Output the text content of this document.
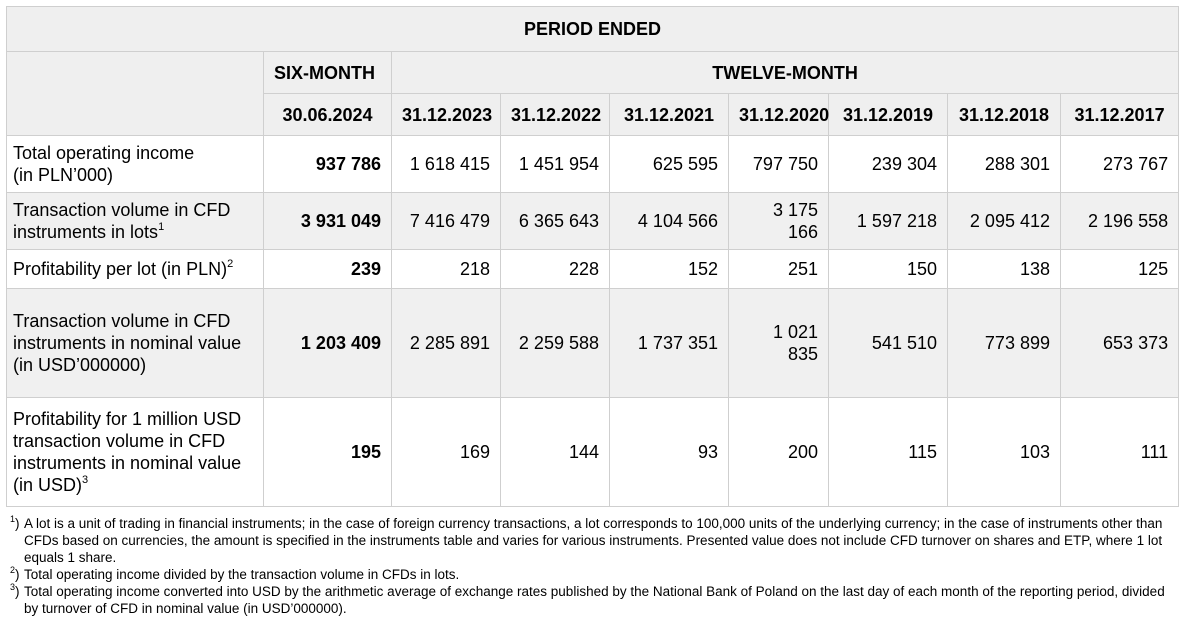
PERIOD ENDED								
	SIX-MONTH	TWELVE-MONTH						
	30.06.2024	31.12.2023	31.12.2022	31.12.2021	31.12.2020	31.12.2019	31.12.2018	31.12.2017
Total operating income
(in PLN’000)	937 786	1 618 415	1 451 954	625 595	797 750	239 304	288 301	273 767
Transaction volume in CFD
instruments in lots$^1$	3 931 049	7 416 479	6 365 643	4 104 566	3 175 166	1 597 218	2 095 412	2 196 558
Profitability per lot (in PLN)$^2$	239	218	228	152	251	150	138	125
Transaction volume in CFD
instruments in nominal value
(in USD’000000)	1 203 409	2 285 891	2 259 588	1 737 351	1 021 835	541 510	773 899	653 373
Profitability for 1 million USD
transaction volume in CFD
instruments in nominal value
(in USD)$^3$	195	169	144	93	200	115	103	111
$^1$) A lot is a unit of trading in financial instruments; in the case of foreign currency transactions, a lot corresponds to 100,000 units of the underlying currency; in the case of instruments other than CFDs based on currencies, the amount is specified in the instruments table and varies for various instruments. Presented value does not include CFD turnover on shares and ETP, where 1 lot equals 1 share.
$^2$) Total operating income divided by the transaction volume in CFDs in lots.
$^3$) Total operating income converted into USD by the arithmetic average of exchange rates published by the National Bank of Poland on the last day of each month of the reporting period, divided by turnover of CFD in nominal value (in USD’000000).
